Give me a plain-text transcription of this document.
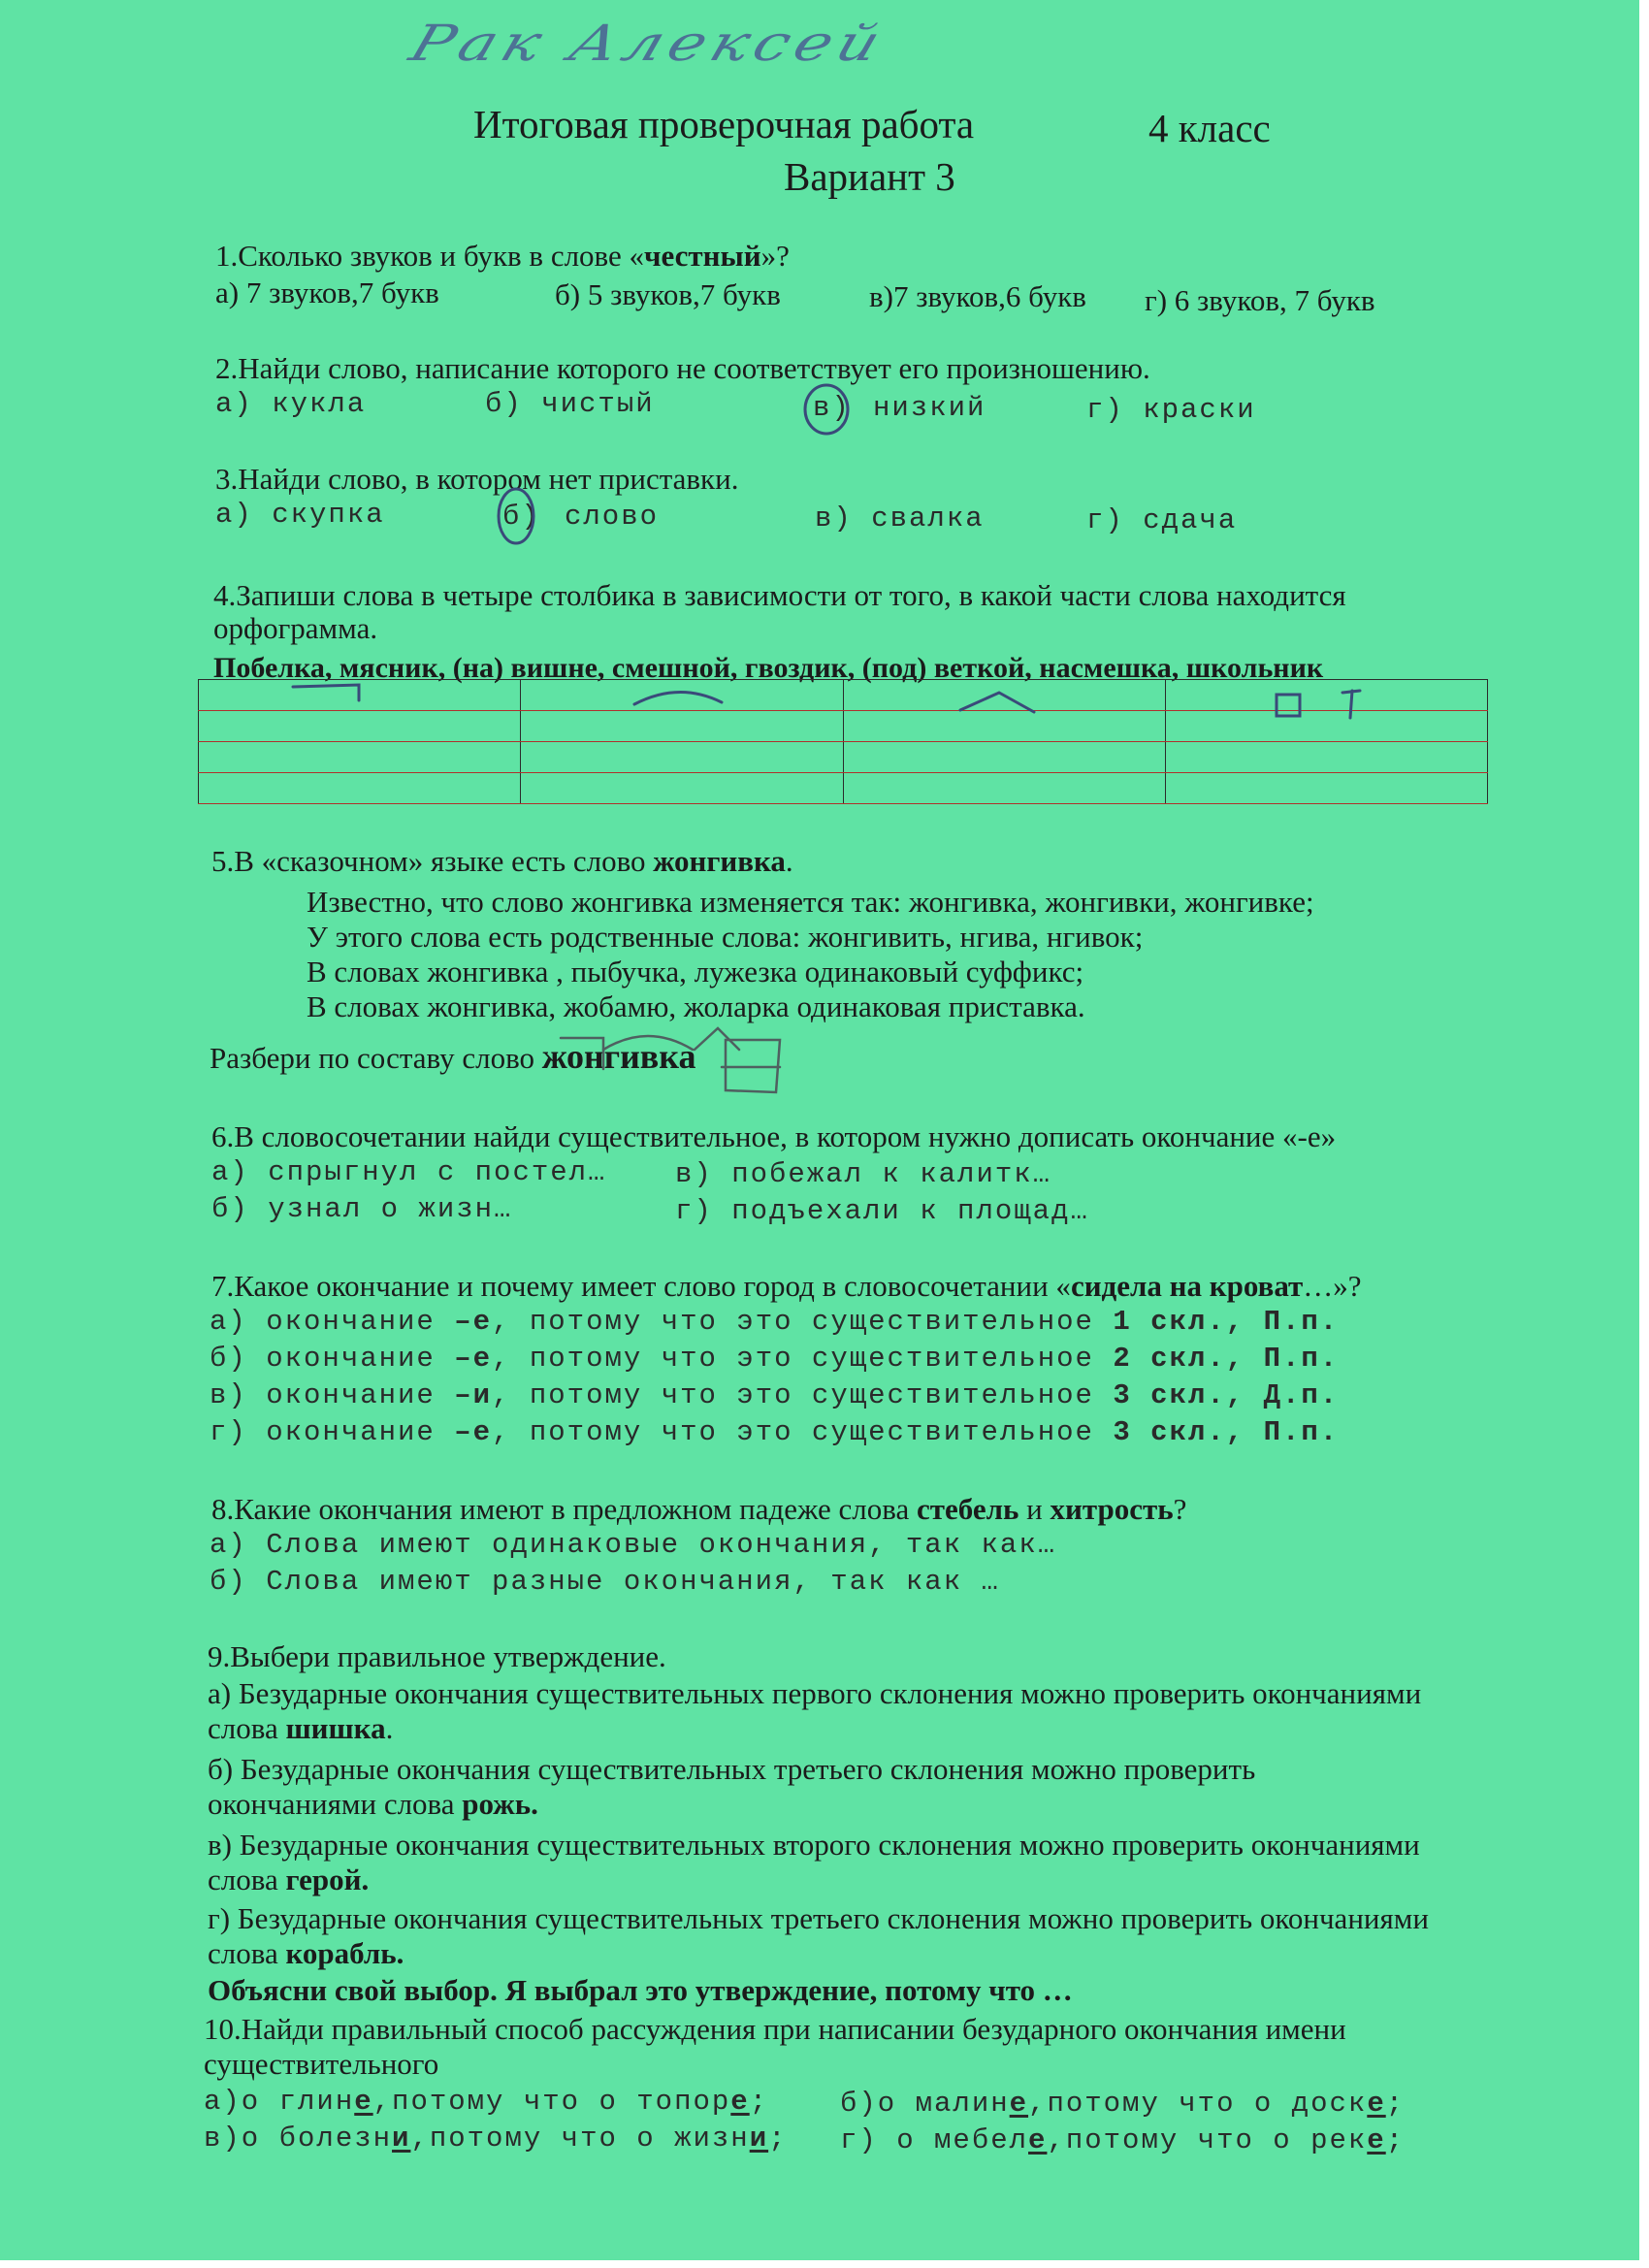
Рак Алексей
Итоговая проверочная работа	4 класс
Вариант 3
1.Сколько звуков и букв в слове «честный»?
а) 7 звуков,7 букв	б) 5 звуков,7 букв	в)7 звуков,6 букв г) 6 звуков, 7 букв
2.Найди слово, написание которого не соответствует его произношению.
а) кукла	б) чистый	в) низкий	г) краски
3.Найди слово, в котором нет приставки.
а) скупка	б) слово	в) свалка	г) сдача
4.Запиши слова в четыре столбика в зависимости от того, в какой части слова находится
орфограмма.
Побелка, мясник, (на) вишне, смешной, гвоздик, (под) веткой, насмешка, школьник

5.В «сказочном» языке есть слово жонгивка.
Известно, что слово жонгивка изменяется так: жонгивка, жонгивки, жонгивке;
У этого слова есть родственные слова: жонгивить, нгива, нгивок;
В словах жонгивка , пыбучка, лужезка одинаковый суффикс;
В словах жонгивка, жобамю, жоларка одинаковая приставка.
Разбери по составу слово жонгивка
6.В словосочетании найди существительное, в котором нужно дописать окончание «-е»
а) спрыгнул с постел…
б) узнал о жизн…
в) побежал к калитк…
г) подъехали к площад…
7.Какое окончание и почему имеет слово город в словосочетании «сидела на кроват…»?
а) окончание –е, потому что это существительное 1 скл., П.п.
б) окончание –е, потому что это существительное 2 скл., П.п.
в) окончание –и, потому что это существительное 3 скл., Д.п.
г) окончание –е, потому что это существительное 3 скл., П.п.
8.Какие окончания имеют в предложном падеже слова стебель и хитрость?
а) Слова имеют одинаковые окончания, так как…
б) Слова имеют разные окончания, так как …
9.Выбери правильное утверждение.
а) Безударные окончания существительных первого склонения можно проверить окончаниями
слова шишка.
б) Безударные окончания существительных третьего склонения можно проверить
окончаниями слова рожь.
в) Безударные окончания существительных второго склонения можно проверить окончаниями
слова герой.
г) Безударные окончания существительных третьего склонения можно проверить окончаниями
слова корабль.
Объясни свой выбор. Я выбрал это утверждение, потому что …
10.Найди правильный способ рассуждения при написании безударного окончания имени
существительного
а)о глине,потому что о топоре;	б)о малине,потому что о доске;
в)о болезни,потому что о жизни; г) о мебеле,потому что о реке;
